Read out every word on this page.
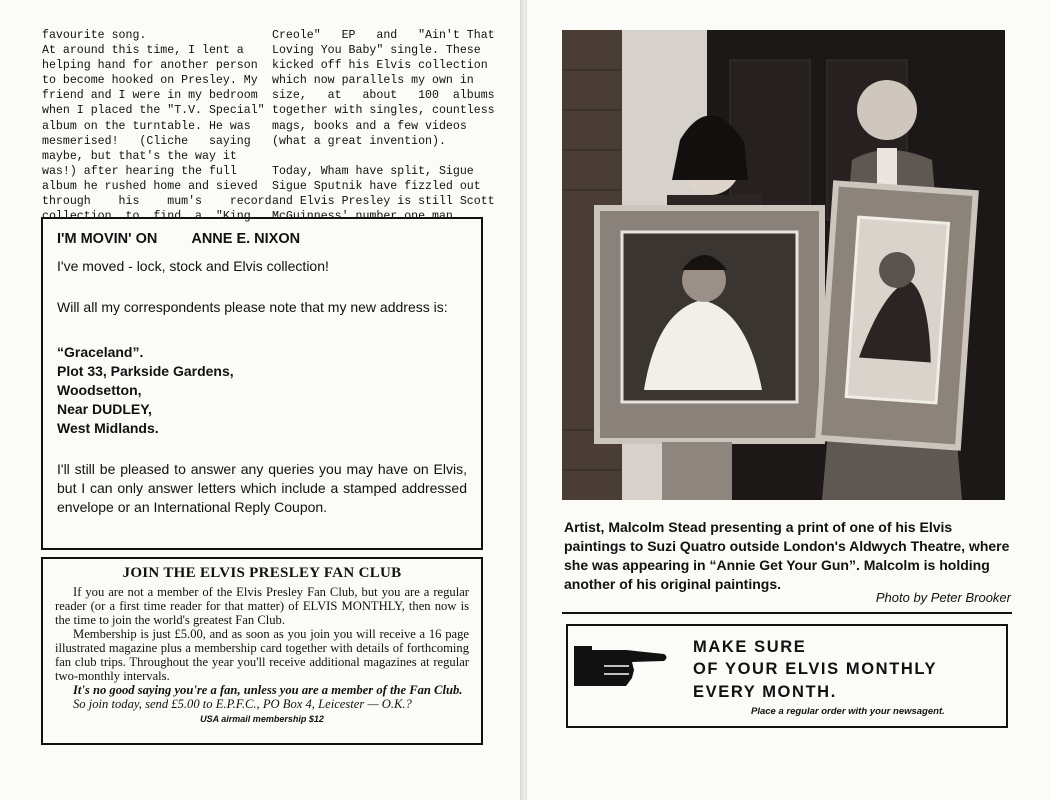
favourite song.
At around this time, I lent a
helping hand for another person
to become hooked on Presley. My
friend and I were in my bedroom
when I placed the "T.V. Special"
album on the turntable. He was
mesmerised!   (Cliche   saying
maybe, but that's the way it
was!) after hearing the full
album he rushed home and sieved
through    his    mum's    record
collection  to  find  a  "King
Creole"   EP   and   "Ain't That
Loving You Baby" single. These
kicked off his Elvis collection
which now parallels my own in
size,   at   about   100  albums
together with singles, countless
mags, books and a few videos
(what a great invention).

Today, Wham have split, Sigue
Sigue Sputnik have fizzled out
and Elvis Presley is still Scott
McGuinness' number one man.
I'M MOVIN' ON ANNE E. NIXON

I've moved - lock, stock and Elvis collection!

Will all my correspondents please note that my new address is:

“Graceland”.
Plot 33, Parkside Gardens,
Woodsetton,
Near DUDLEY,
West Midlands.

I'll still be pleased to answer any queries you may have on Elvis, but I can only answer letters which include a stamped addressed envelope or an International Reply Coupon.

JOIN THE ELVIS PRESLEY FAN CLUB

If you are not a member of the Elvis Presley Fan Club, but you are a regular reader (or a first time reader for that matter) of ELVIS MONTHLY, then now is the time to join the world's greatest Fan Club.

Membership is just £5.00, and as soon as you join you will receive a 16 page illustrated magazine plus a membership card together with details of forthcoming fan club trips. Throughout the year you'll receive additional magazines at regular two-monthly intervals.

It's no good saying you're a fan, unless you are a member of the Fan Club.

So join today, send £5.00 to E.P.F.C., PO Box 4, Leicester — O.K.?

USA airmail membership $12
Artist, Malcolm Stead presenting a print of one of his Elvis paintings to Suzi Quatro outside London's Aldwych Theatre, where she was appearing in “Annie Get Your Gun”. Malcolm is holding another of his original paintings.
Photo by Peter Brooker
MAKE SURE
OF YOUR ELVIS MONTHLY
EVERY MONTH.
Place a regular order with your newsagent.
